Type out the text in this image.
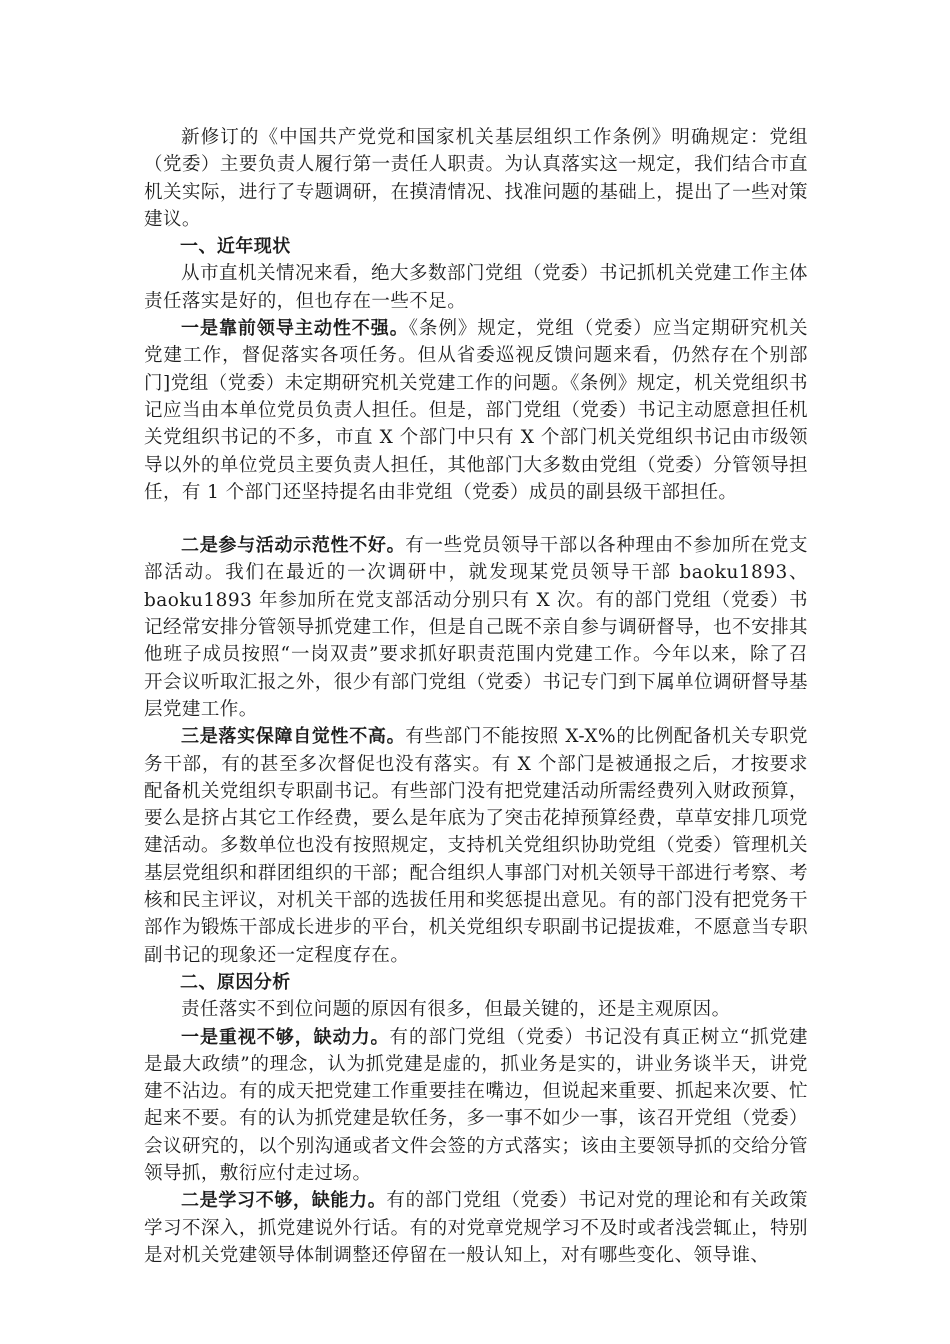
新修订的《中国共产党党和国家机关基层组织工作条例》明确规定：党组（党委）主要负责人履行第一责任人职责。为认真落实这一规定，我们结合市直机关实际，进行了专题调研，在摸清情况、找准问题的基础上，提出了一些对策建议。

一、近年现状

从市直机关情况来看，绝大多数部门党组（党委）书记抓机关党建工作主体责任落实是好的，但也存在一些不足。

一是靠前领导主动性不强。《条例》规定，党组（党委）应当定期研究机关党建工作，督促落实各项任务。但从省委巡视反馈问题来看，仍然存在个别部门]党组（党委）未定期研究机关党建工作的问题。《条例》规定，机关党组织书记应当由本单位党员负责人担任。但是，部门党组（党委）书记主动愿意担任机关党组织书记的不多，市直 X 个部门中只有 X 个部门机关党组织书记由市级领导以外的单位党员主要负责人担任，其他部门大多数由党组（党委）分管领导担任，有 1 个部门还坚持提名由非党组（党委）成员的副县级干部担任。

二是参与活动示范性不好。有一些党员领导干部以各种理由不参加所在党支部活动。我们在最近的一次调研中，就发现某党员领导干部 baoku1893、baoku1893 年参加所在党支部活动分别只有 X 次。有的部门党组（党委）书记经常安排分管领导抓党建工作，但是自己既不亲自参与调研督导，也不安排其他班子成员按照“一岗双责”要求抓好职责范围内党建工作。今年以来，除了召开会议听取汇报之外，很少有部门党组（党委）书记专门到下属单位调研督导基层党建工作。

三是落实保障自觉性不高。有些部门不能按照 X-X%的比例配备机关专职党务干部，有的甚至多次督促也没有落实。有 X 个部门是被通报之后，才按要求配备机关党组织专职副书记。有些部门没有把党建活动所需经费列入财政预算，要么是挤占其它工作经费，要么是年底为了突击花掉预算经费，草草安排几项党建活动。多数单位也没有按照规定，支持机关党组织协助党组（党委）管理机关基层党组织和群团组织的干部；配合组织人事部门对机关领导干部进行考察、考核和民主评议，对机关干部的选拔任用和奖惩提出意见。有的部门没有把党务干部作为锻炼干部成长进步的平台，机关党组织专职副书记提拔难，不愿意当专职副书记的现象还一定程度存在。

二、原因分析

责任落实不到位问题的原因有很多，但最关键的，还是主观原因。

一是重视不够，缺动力。有的部门党组（党委）书记没有真正树立“抓党建是最大政绩”的理念，认为抓党建是虚的，抓业务是实的，讲业务谈半天，讲党建不沾边。有的成天把党建工作重要挂在嘴边，但说起来重要、抓起来次要、忙起来不要。有的认为抓党建是软任务，多一事不如少一事，该召开党组（党委）会议研究的，以个别沟通或者文件会签的方式落实；该由主要领导抓的交给分管领导抓，敷衍应付走过场。

二是学习不够，缺能力。有的部门党组（党委）书记对党的理论和有关政策学习不深入，抓党建说外行话。有的对党章党规学习不及时或者浅尝辄止，特别是对机关党建领导体制调整还停留在一般认知上，对有哪些变化、领导谁、
